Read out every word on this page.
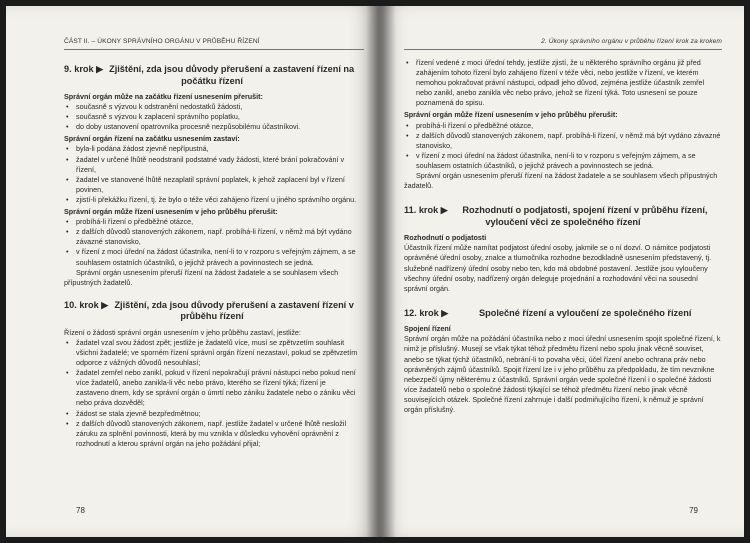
ČÁST II. – ÚKONY SPRÁVNÍHO ORGÁNU V PRŮBĚHU ŘÍZENÍ
9. krok ▶ Zjištění, zda jsou důvody přerušení a zastavení řízení na počátku řízení

Správní orgán může na začátku řízení usnesením přerušit:

• současně s výzvou k odstranění nedostatků žádosti,
• současně s výzvou k zaplacení správního poplatku,
• do doby ustanovení opatrovníka procesně nezpůsobilému účastníkovi.

Správní orgán řízení na začátku usnesením zastaví:

• byla-li podána žádost zjevně nepřípustná,
• žadatel v určené lhůtě neodstranil podstatné vady žádosti, které brání pokračování v řízení,
• žadatel ve stanovené lhůtě nezaplatil správní poplatek, k jehož zaplacení byl v řízení povinen,
• zjistí-li překážku řízení, tj. že bylo o téže věci zahájeno řízení u jiného správního orgánu.

Správní orgán může řízení usnesením v jeho průběhu přerušit:

• probíhá-li řízení o předběžné otázce,
• z dalších důvodů stanovených zákonem, např. probíhá-li řízení, v němž má být vydáno závazné stanovisko,
• v řízení z moci úřední na žádost účastníka, není-li to v rozporu s veřejným zájmem, a se souhlasem ostatních účastníků, o jejichž právech a povinnostech se jedná.

Správní orgán usnesením přeruší řízení na žádost žadatele a se souhlasem všech přípustných žadatelů.

10. krok ▶ Zjištění, zda jsou důvody přerušení a zastavení řízení v průběhu řízení

Řízení o žádosti správní orgán usnesením v jeho průběhu zastaví, jestliže:

• žadatel vzal svou žádost zpět; jestliže je žadatelů více, musí se zpětvzetím souhlasit všichni žadatelé; ve sporném řízení správní orgán řízení nezastaví, pokud se zpětvzetím odporce z vážných důvodů nesouhlasí;
• žadatel zemřel nebo zanikl, pokud v řízení nepokračují právní nástupci nebo pokud není více žadatelů, anebo zanikla-li věc nebo právo, kterého se řízení týká; řízení je zastaveno dnem, kdy se správní orgán o úmrtí nebo zániku žadatele nebo o zániku věci nebo práva dozvěděl;
• žádost se stala zjevně bezpředmětnou;
• z dalších důvodů stanovených zákonem, např. jestliže žadatel v určené lhůtě nesložil záruku za splnění povinnosti, která by mu vznikla v důsledku vyhovění oprávnění z rozhodnutí a kterou správní orgán na jeho požádání přijal;
78
2. Úkony správního orgánu v průběhu řízení krok za krokem
• řízení vedené z moci úřední tehdy, jestliže zjistí, že u některého správního orgánu již před zahájením tohoto řízení bylo zahájeno řízení v téže věci, nebo jestliže v řízení, ve kterém nemohou pokračovat právní nástupci, odpadl jeho důvod, zejména jestliže účastník zemřel nebo zanikl, anebo zanikla věc nebo právo, jehož se řízení týká. Toto usnesení se pouze poznamená do spisu.

Správní orgán může řízení usnesením v jeho průběhu přerušit:

• probíhá-li řízení o předběžné otázce,
• z dalších důvodů stanovených zákonem, např. probíhá-li řízení, v němž má být vydáno závazné stanovisko,
• v řízení z moci úřední na žádost účastníka, není-li to v rozporu s veřejným zájmem, a se souhlasem ostatních účastníků, o jejichž právech a povinnostech se jedná.

Správní orgán usnesením přeruší řízení na žádost žadatele a se souhlasem všech přípustných žadatelů.

11. krok ▶ Rozhodnutí o podjatosti, spojení řízení v průběhu řízení, vyloučení věci ze společného řízení

Rozhodnutí o podjatosti

Účastník řízení může namítat podjatost úřední osoby, jakmile se o ní dozví. O námitce podjatosti oprávněné úřední osoby, znalce a tlumočníka rozhodne bezodkladně usnesením představený, tj. služebně nadřízený úřední osoby nebo ten, kdo má obdobné postavení. Jestliže jsou vyloučeny všechny úřední osoby, nadřízený orgán deleguje projednání a rozhodování věci na sousední správní orgán.

12. krok ▶	Společné řízení a vyloučení ze společného řízení

Spojení řízení

Správní orgán může na požádání účastníka nebo z moci úřední usnesením spojit společné řízení, k nimž je příslušný. Musejí se však týkat téhož předmětu řízení nebo spolu jinak věcně souviset, anebo se týkat týchž účastníků, nebrání-li to povaha věci, účel řízení anebo ochrana práv nebo oprávněných zájmů účastníků. Spojit řízení lze i v jeho průběhu za předpokladu, že tím nevznikne nebezpečí újmy některému z účastníků. Správní orgán vede společné řízení i o společné žádosti více žadatelů nebo o společné žádosti týkající se téhož předmětu řízení nebo jinak věcně souvisejících otázek. Společné řízení zahrnuje i další podmiňujícího řízení, k němuž je správní orgán příslušný.

79
